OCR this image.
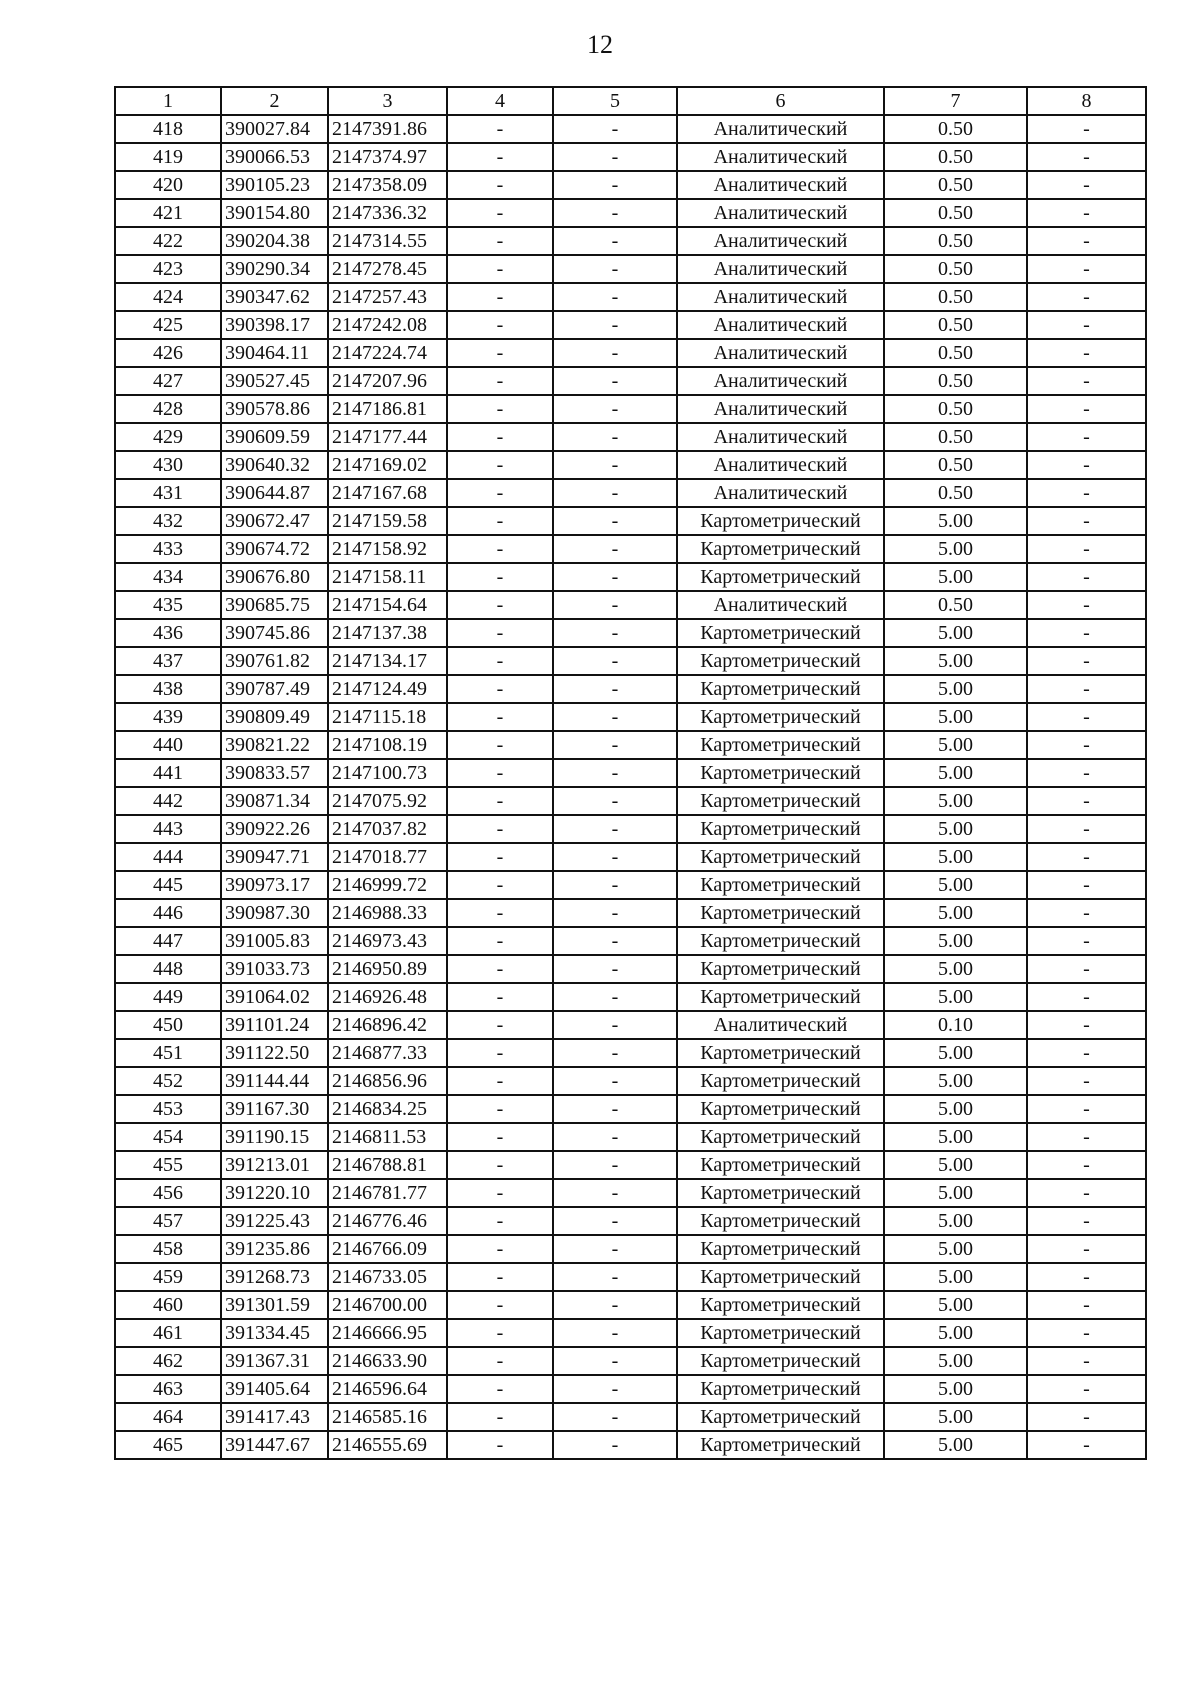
12
1	2	3	4	5	6	7	8
418	390027.84	2147391.86	-	-	Аналитический	0.50	-
419	390066.53	2147374.97	-	-	Аналитический	0.50	-
420	390105.23	2147358.09	-	-	Аналитический	0.50	-
421	390154.80	2147336.32	-	-	Аналитический	0.50	-
422	390204.38	2147314.55	-	-	Аналитический	0.50	-
423	390290.34	2147278.45	-	-	Аналитический	0.50	-
424	390347.62	2147257.43	-	-	Аналитический	0.50	-
425	390398.17	2147242.08	-	-	Аналитический	0.50	-
426	390464.11	2147224.74	-	-	Аналитический	0.50	-
427	390527.45	2147207.96	-	-	Аналитический	0.50	-
428	390578.86	2147186.81	-	-	Аналитический	0.50	-
429	390609.59	2147177.44	-	-	Аналитический	0.50	-
430	390640.32	2147169.02	-	-	Аналитический	0.50	-
431	390644.87	2147167.68	-	-	Аналитический	0.50	-
432	390672.47	2147159.58	-	-	Картометрический	5.00	-
433	390674.72	2147158.92	-	-	Картометрический	5.00	-
434	390676.80	2147158.11	-	-	Картометрический	5.00	-
435	390685.75	2147154.64	-	-	Аналитический	0.50	-
436	390745.86	2147137.38	-	-	Картометрический	5.00	-
437	390761.82	2147134.17	-	-	Картометрический	5.00	-
438	390787.49	2147124.49	-	-	Картометрический	5.00	-
439	390809.49	2147115.18	-	-	Картометрический	5.00	-
440	390821.22	2147108.19	-	-	Картометрический	5.00	-
441	390833.57	2147100.73	-	-	Картометрический	5.00	-
442	390871.34	2147075.92	-	-	Картометрический	5.00	-
443	390922.26	2147037.82	-	-	Картометрический	5.00	-
444	390947.71	2147018.77	-	-	Картометрический	5.00	-
445	390973.17	2146999.72	-	-	Картометрический	5.00	-
446	390987.30	2146988.33	-	-	Картометрический	5.00	-
447	391005.83	2146973.43	-	-	Картометрический	5.00	-
448	391033.73	2146950.89	-	-	Картометрический	5.00	-
449	391064.02	2146926.48	-	-	Картометрический	5.00	-
450	391101.24	2146896.42	-	-	Аналитический	0.10	-
451	391122.50	2146877.33	-	-	Картометрический	5.00	-
452	391144.44	2146856.96	-	-	Картометрический	5.00	-
453	391167.30	2146834.25	-	-	Картометрический	5.00	-
454	391190.15	2146811.53	-	-	Картометрический	5.00	-
455	391213.01	2146788.81	-	-	Картометрический	5.00	-
456	391220.10	2146781.77	-	-	Картометрический	5.00	-
457	391225.43	2146776.46	-	-	Картометрический	5.00	-
458	391235.86	2146766.09	-	-	Картометрический	5.00	-
459	391268.73	2146733.05	-	-	Картометрический	5.00	-
460	391301.59	2146700.00	-	-	Картометрический	5.00	-
461	391334.45	2146666.95	-	-	Картометрический	5.00	-
462	391367.31	2146633.90	-	-	Картометрический	5.00	-
463	391405.64	2146596.64	-	-	Картометрический	5.00	-
464	391417.43	2146585.16	-	-	Картометрический	5.00	-
465	391447.67	2146555.69	-	-	Картометрический	5.00	-
